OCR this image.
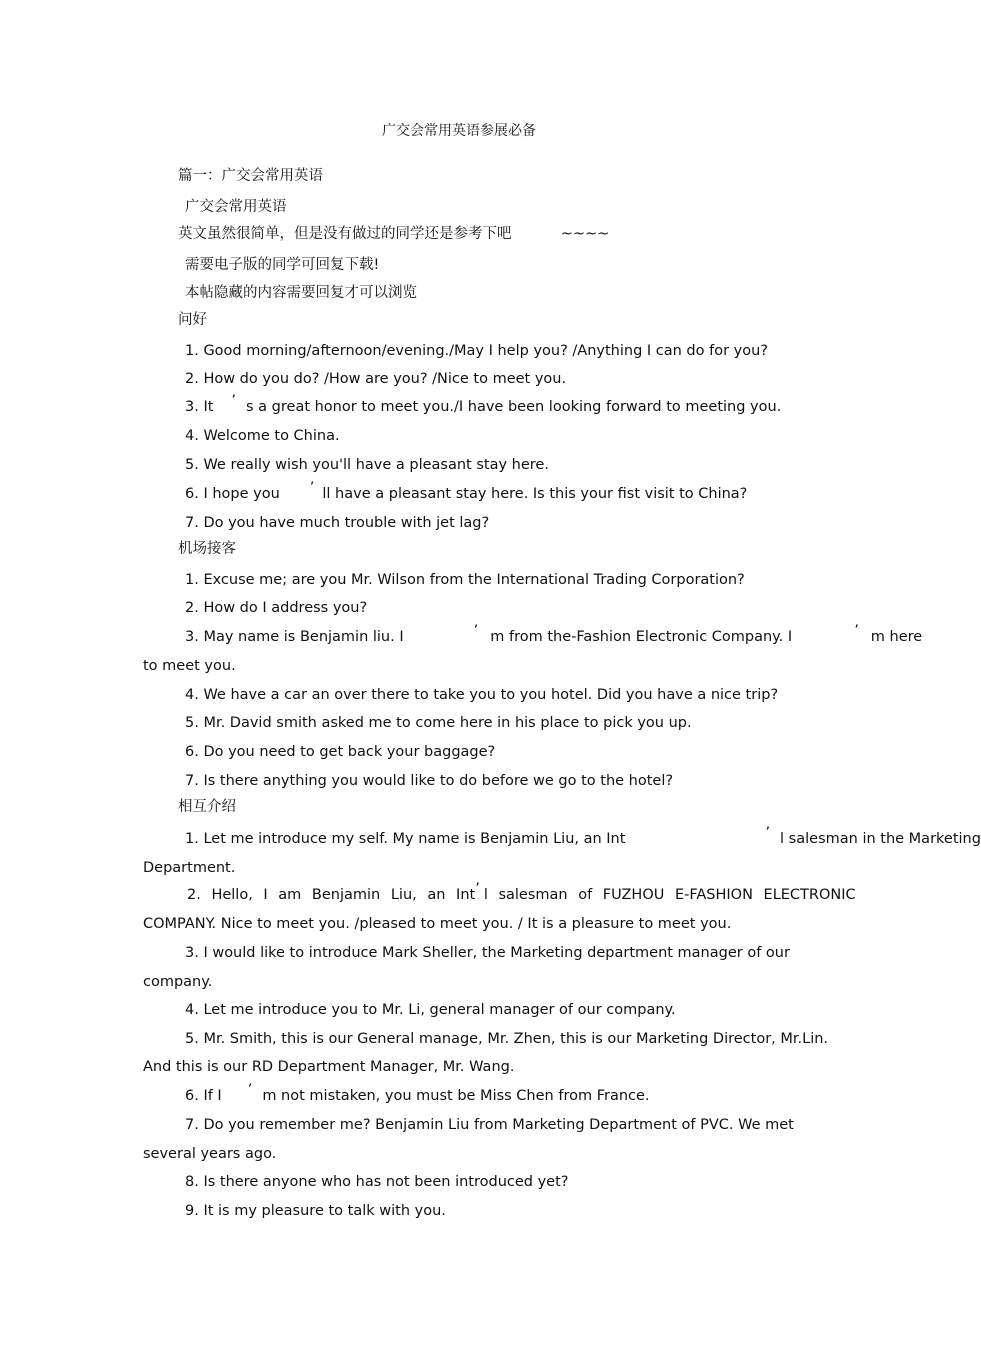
广交会常用英语参展必备
篇一：广交会常用英语
广交会常用英语
英文虽然很简单，但是没有做过的同学还是参考下吧	~~~~
需要电子版的同学可回复下载!
本帖隐藏的内容需要回复才可以浏览
问好
1. Good morning/afternoon/evening./May I help you? /Anything I can do for you?
2. How do you do? /How are you? /Nice to meet you.
3. It ’ s a great honor to meet you./I have been looking forward to meeting you.
4. Welcome to China.
5. We really wish you'll have a pleasant stay here.
6. I hope you ’ ll have a pleasant stay here. Is this your fist visit to China?
7. Do you have much trouble with jet lag?
机场接客
1. Excuse me; are you Mr. Wilson from the International Trading Corporation?
2. How do I address you?
3. May name is Benjamin liu. I	’ m from the-Fashion Electronic Company. I	’ m here
to meet you.
4. We have a car an over there to take you to you hotel. Did you have a nice trip?
5. Mr. David smith asked me to come here in his place to pick you up.
6. Do you need to get back your baggage?
7. Is there anything you would like to do before we go to the hotel?
相互介绍
1. Let me introduce my self. My name is Benjamin Liu, an Int	’ l salesman in the Marketing
Department.
2. Hello, I am Benjamin Liu, an Int’ l salesman of FUZHOU E-FASHION ELECTRONIC
COMPANY. Nice to meet you. /pleased to meet you. / It is a pleasure to meet you.
3. I would like to introduce Mark Sheller, the Marketing department manager of our
company.
4. Let me introduce you to Mr. Li, general manager of our company.
5. Mr. Smith, this is our General manage, Mr. Zhen, this is our Marketing Director, Mr.Lin.
And this is our RD Department Manager, Mr. Wang.
6. If I ’ m not mistaken, you must be Miss Chen from France.
7. Do you remember me? Benjamin Liu from Marketing Department of PVC. We met
several years ago.
8. Is there anyone who has not been introduced yet?
9. It is my pleasure to talk with you.
